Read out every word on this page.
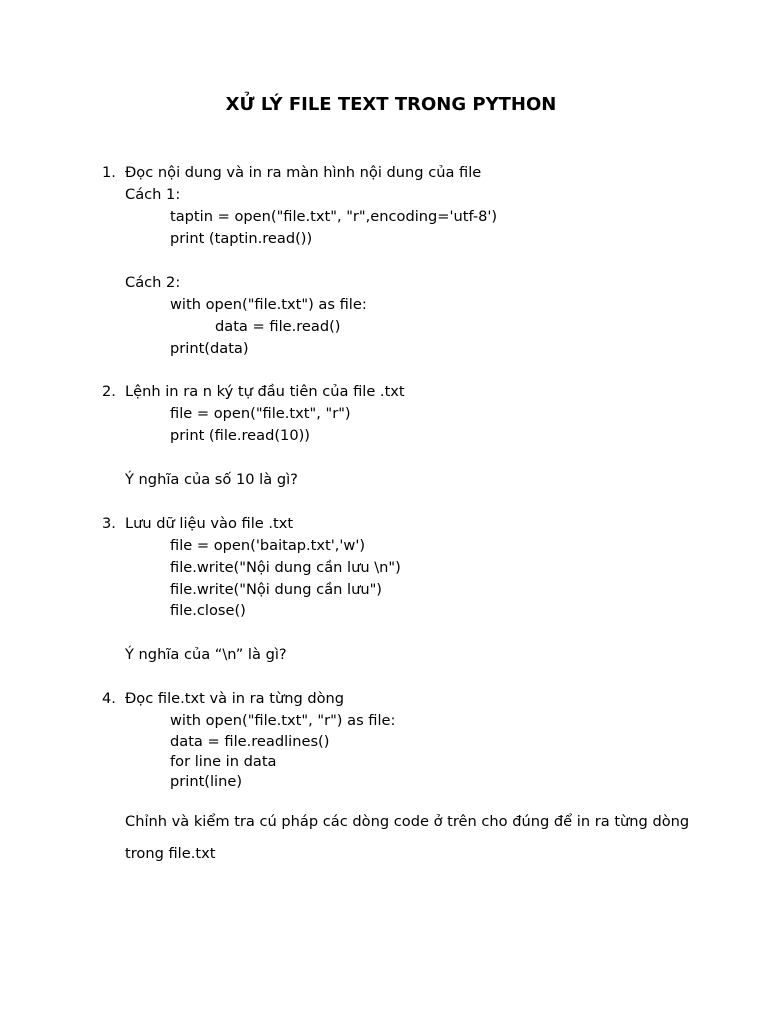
XỬ LÝ FILE TEXT TRONG PYTHON
1. Đọc nội dung và in ra màn hình nội dung của file
Cách 1:
taptin = open("file.txt", "r",encoding='utf-8')
print (taptin.read())
Cách 2:
with open("file.txt") as file:
data = file.read()
print(data)
2. Lệnh in ra n ký tự đầu tiên của file .txt
file = open("file.txt", "r")
print (file.read(10))
Ý nghĩa của số 10 là gì?
3. Lưu dữ liệu vào file .txt
file = open('baitap.txt','w')
file.write("Nội dung cần lưu \n")
file.write("Nội dung cần lưu")
file.close()
Ý nghĩa của “\n” là gì?
4. Đọc file.txt và in ra từng dòng
with open("file.txt", "r") as file:
data = file.readlines()
for line in data
print(line)
Chỉnh và kiểm tra cú pháp các dòng code ở trên cho đúng để in ra từng dòng trong file.txt
